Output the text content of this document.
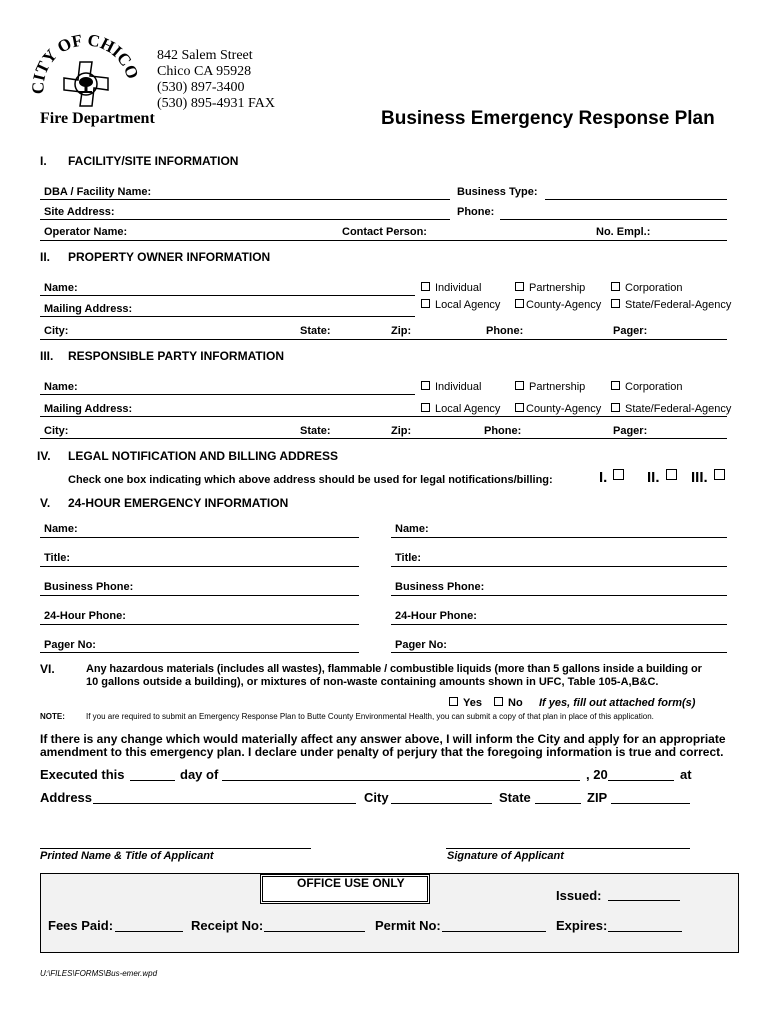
CITY OF CHICO
Fire Department
842 Salem Street
Chico CA 95928
(530) 897-3400
(530) 895-4931 FAX
Business Emergency Response Plan
I. FACILITY/SITE INFORMATION
DBA / Facility Name:	Business Type:
Site Address:	Phone:
Operator Name:	Contact Person:	No. Empl.:
II. PROPERTY OWNER INFORMATION
Name:	Individual	Partnership	Corporation
Mailing Address:	Local Agency	County-Agency	State/Federal-Agency
City:	State:	Zip:	Phone:	Pager:
III. RESPONSIBLE PARTY INFORMATION
Name:	Individual	Partnership	Corporation
Mailing Address:	Local Agency	County-Agency	State/Federal-Agency
City:	State:	Zip:	Phone:	Pager:
IV. LEGAL NOTIFICATION AND BILLING ADDRESS
Check one box indicating which above address should be used for legal notifications/billing:	I.	II.	III.
V. 24-HOUR EMERGENCY INFORMATION
Name:	Name:
Title:	Title:
Business Phone:	Business Phone:
24-Hour Phone:	24-Hour Phone:
Pager No:	Pager No:
VI.	Any hazardous materials (includes all wastes), flammable / combustible liquids (more than 5 gallons inside a building or
10 gallons outside a building), or mixtures of non-waste containing amounts shown in UFC, Table 105-A,B&C.
Yes	No If yes, fill out attached form(s)
NOTE:	If you are required to submit an Emergency Response Plan to Butte County Environmental Health, you can submit a copy of that plan in place of this application.
If there is any change which would materially affect any answer above, I will inform the City and apply for an appropriate
amendment to this emergency plan. I declare under penalty of perjury that the foregoing information is true and correct.
Executed this	day of	, 20	at
Address	City	State	ZIP
Printed Name & Title of Applicant	Signature of Applicant
OFFICE USE ONLY
Issued:
Fees Paid:	Receipt No:	Permit No:	Expires:
U:\FILES\FORMS\Bus-emer.wpd
